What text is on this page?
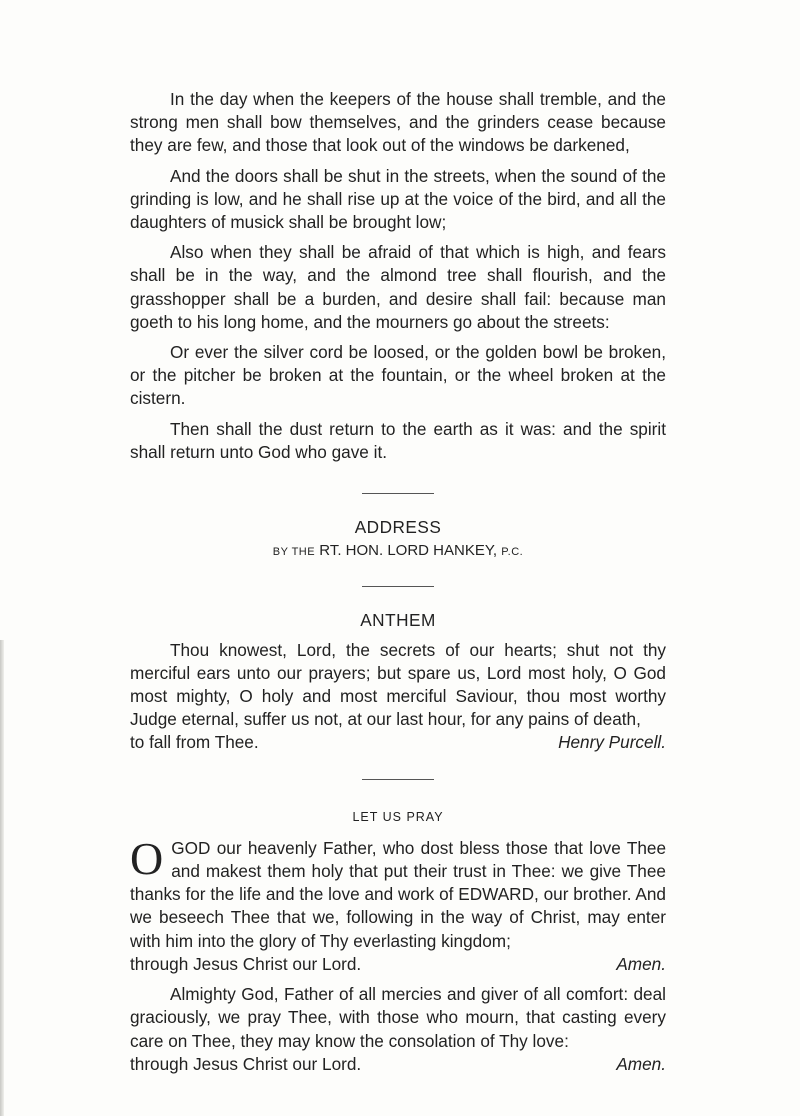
In the day when the keepers of the house shall tremble, and the strong men shall bow themselves, and the grinders cease because they are few, and those that look out of the windows be darkened,

And the doors shall be shut in the streets, when the sound of the grinding is low, and he shall rise up at the voice of the bird, and all the daughters of musick shall be brought low;

Also when they shall be afraid of that which is high, and fears shall be in the way, and the almond tree shall flourish, and the grasshopper shall be a burden, and desire shall fail: because man goeth to his long home, and the mourners go about the streets:

Or ever the silver cord be loosed, or the golden bowl be broken, or the pitcher be broken at the fountain, or the wheel broken at the cistern.

Then shall the dust return to the earth as it was: and the spirit shall return unto God who gave it.

ADDRESS

BY THE RT. HON. LORD HANKEY, P.C.

ANTHEM

Thou knowest, Lord, the secrets of our hearts; shut not thy merciful ears unto our prayers; but spare us, Lord most holy, O God most mighty, O holy and most merciful Saviour, thou most worthy Judge eternal, suffer us not, at our last hour, for any pains of death,

to fall from Thee.	Henry Purcell.

LET US PRAY

O GOD our heavenly Father, who dost bless those that love Thee and makest them holy that put their trust in Thee: we give Thee thanks for the life and the love and work of EDWARD, our brother. And we beseech Thee that we, following in the way of Christ, may enter with him into the glory of Thy everlasting kingdom;

through Jesus Christ our Lord.	Amen.

Almighty God, Father of all mercies and giver of all comfort: deal graciously, we pray Thee, with those who mourn, that casting every care on Thee, they may know the consolation of Thy love:

through Jesus Christ our Lord.	Amen.
